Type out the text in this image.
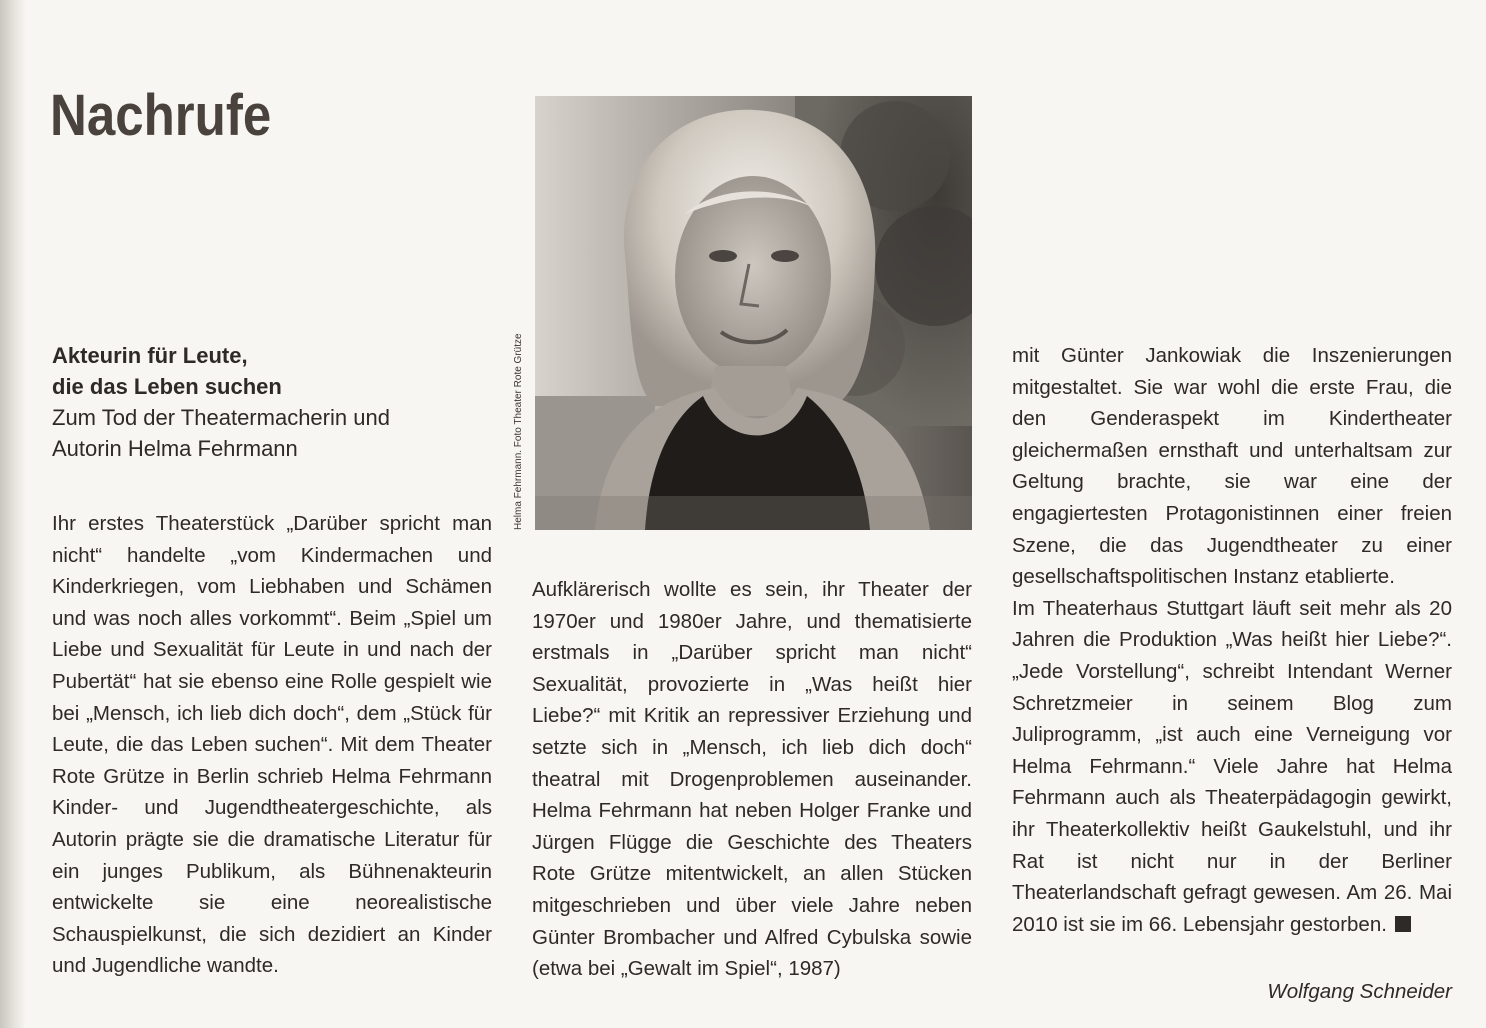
Nachrufe
Akteurin für Leute,
die das Leben suchen
Zum Tod der Theatermacherin und
Autorin Helma Fehrmann	Helma Fehrmann. Foto Theater Rote Grütze

Ihr erstes Theaterstück „Darüber spricht man nicht“ handelte „vom Kindermachen und Kinderkriegen, vom Liebhaben und Schämen und was noch alles vorkommt“. Beim „Spiel um Liebe und Sexualität für Leute in und nach der Pubertät“ hat sie ebenso eine Rolle gespielt wie bei „Mensch, ich lieb dich doch“, dem „Stück für Leute, die das Leben suchen“. Mit dem Theater Rote Grütze in Berlin schrieb Helma Fehrmann Kinder- und Jugendtheatergeschichte, als Autorin prägte sie die dramatische Literatur für ein junges Publikum, als Bühnenakteurin entwickelte sie eine neorealistische Schauspielkunst, die sich dezidiert an Kinder und Jugendliche wandte.

Aufklärerisch wollte es sein, ihr Theater der 1970er und 1980er Jahre, und thematisierte erstmals in „Darüber spricht man nicht“ Sexualität, provozierte in „Was heißt hier Liebe?“ mit Kritik an repressiver Erziehung und setzte sich in „Mensch, ich lieb dich doch“ theatral mit Drogenproblemen auseinander. Helma Fehrmann hat neben Holger Franke und Jürgen Flügge die Geschichte des Theaters Rote Grütze mitentwickelt, an allen Stücken mitgeschrieben und über viele Jahre neben Günter Brombacher und Alfred Cybulska sowie (etwa bei „Gewalt im Spiel“, 1987)

mit Günter Jankowiak die Inszenierungen mitgestaltet. Sie war wohl die erste Frau, die den Genderaspekt im Kindertheater gleichermaßen ernsthaft und unterhaltsam zur Geltung brachte, sie war eine der engagiertesten Protagonistinnen einer freien Szene, die das Jugendtheater zu einer gesellschaftspolitischen Instanz etablierte.
Im Theaterhaus Stuttgart läuft seit mehr als 20 Jahren die Produktion „Was heißt hier Liebe?“. „Jede Vorstellung“, schreibt Intendant Werner Schretzmeier in seinem Blog zum Juliprogramm, „ist auch eine Verneigung vor Helma Fehrmann.“ Viele Jahre hat Helma Fehrmann auch als Theaterpädagogin gewirkt, ihr Theaterkollektiv heißt Gaukelstuhl, und ihr Rat ist nicht nur in der Berliner Theaterlandschaft gefragt gewesen. Am 26. Mai 2010 ist sie im 66. Lebensjahr gestorben.
Wolfgang Schneider
